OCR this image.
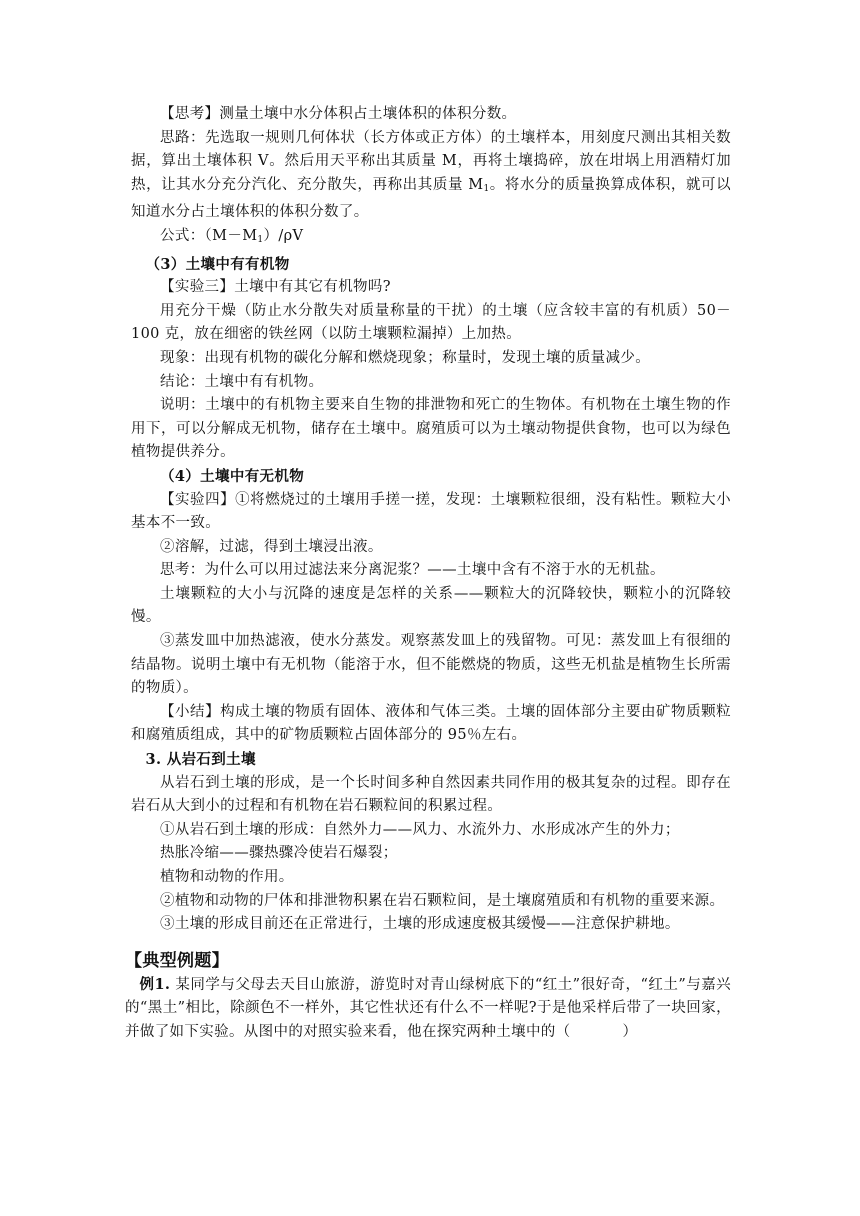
【思考】测量土壤中水分体积占土壤体积的体积分数。

思路：先选取一规则几何体状（长方体或正方体）的土壤样本，用刻度尺测出其相关数据，算出土壤体积 V。然后用天平称出其质量 M，再将土壤捣碎，放在坩埚上用酒精灯加热，让其水分充分汽化、充分散失，再称出其质量 $M_1$。将水分的质量换算成体积，就可以知道水分占土壤体积的体积分数了。

公式：$(M-M_1)/\rho V$

（3）土壤中有有机物

【实验三】土壤中有其它有机物吗?

用充分干燥（防止水分散失对质量称量的干扰）的土壤（应含较丰富的有机质）50－100 克，放在细密的铁丝网（以防土壤颗粒漏掉）上加热。

现象：出现有机物的碳化分解和燃烧现象；称量时，发现土壤的质量减少。

结论：土壤中有有机物。

说明：土壤中的有机物主要来自生物的排泄物和死亡的生物体。有机物在土壤生物的作用下，可以分解成无机物，储存在土壤中。腐殖质可以为土壤动物提供食物，也可以为绿色植物提供养分。

（4）土壤中有无机物

【实验四】①将燃烧过的土壤用手搓一搓，发现：土壤颗粒很细，没有粘性。颗粒大小基本不一致。

②溶解，过滤，得到土壤浸出液。

思考：为什么可以用过滤法来分离泥浆？——土壤中含有不溶于水的无机盐。

土壤颗粒的大小与沉降的速度是怎样的关系——颗粒大的沉降较快，颗粒小的沉降较慢。

③蒸发皿中加热滤液，使水分蒸发。观察蒸发皿上的残留物。可见：蒸发皿上有很细的结晶物。说明土壤中有无机物（能溶于水，但不能燃烧的物质，这些无机盐是植物生长所需的物质）。

【小结】构成土壤的物质有固体、液体和气体三类。土壤的固体部分主要由矿物质颗粒和腐殖质组成，其中的矿物质颗粒占固体部分的 95％左右。

3. 从岩石到土壤

从岩石到土壤的形成，是一个长时间多种自然因素共同作用的极其复杂的过程。即存在岩石从大到小的过程和有机物在岩石颗粒间的积累过程。

①从岩石到土壤的形成：自然外力——风力、水流外力、水形成冰产生的外力；

热胀冷缩——骤热骤冷使岩石爆裂；

植物和动物的作用。

②植物和动物的尸体和排泄物积累在岩石颗粒间，是土壤腐殖质和有机物的重要来源。

③土壤的形成目前还在正常进行，土壤的形成速度极其缓慢——注意保护耕地。

【典型例题】

例1. 某同学与父母去天目山旅游，游览时对青山绿树底下的“红土”很好奇，“红土”与嘉兴的“黑土”相比，除颜色不一样外，其它性状还有什么不一样呢?于是他采样后带了一块回家，并做了如下实验。从图中的对照实验来看，他在探究两种土壤中的（	）
